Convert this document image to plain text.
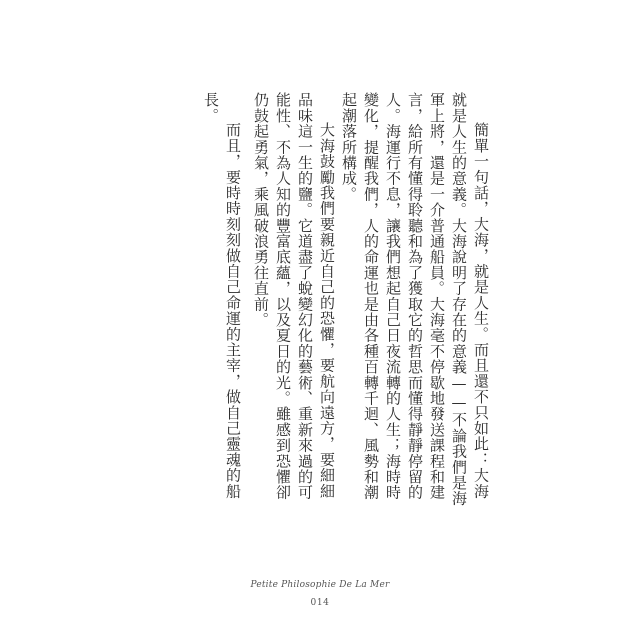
簡單一句話，大海，就是人生。而且還不只如此：大海就是人生的意義。大海說明了存在的意義——不論我們是海軍上將，還是一介普通船員。大海毫不停歇地發送課程和建言，給所有懂得聆聽和為了獲取它的哲思而懂得靜靜停留的人。海運行不息，讓我們想起自己日夜流轉的人生；海時時變化，提醒我們，人的命運也是由各種百轉千迴、風勢和潮起潮落所構成。

大海鼓勵我們要親近自己的恐懼，要航向遠方，要細細品味這一生的鹽。它道盡了蛻變幻化的藝術、重新來過的可能性、不為人知的豐富底蘊，以及夏日的光。雖感到恐懼卻仍鼓起勇氣，乘風破浪勇往直前。

而且，要時時刻刻做自己命運的主宰，做自己靈魂的船長。

Petite Philosophie De La Mer
014
